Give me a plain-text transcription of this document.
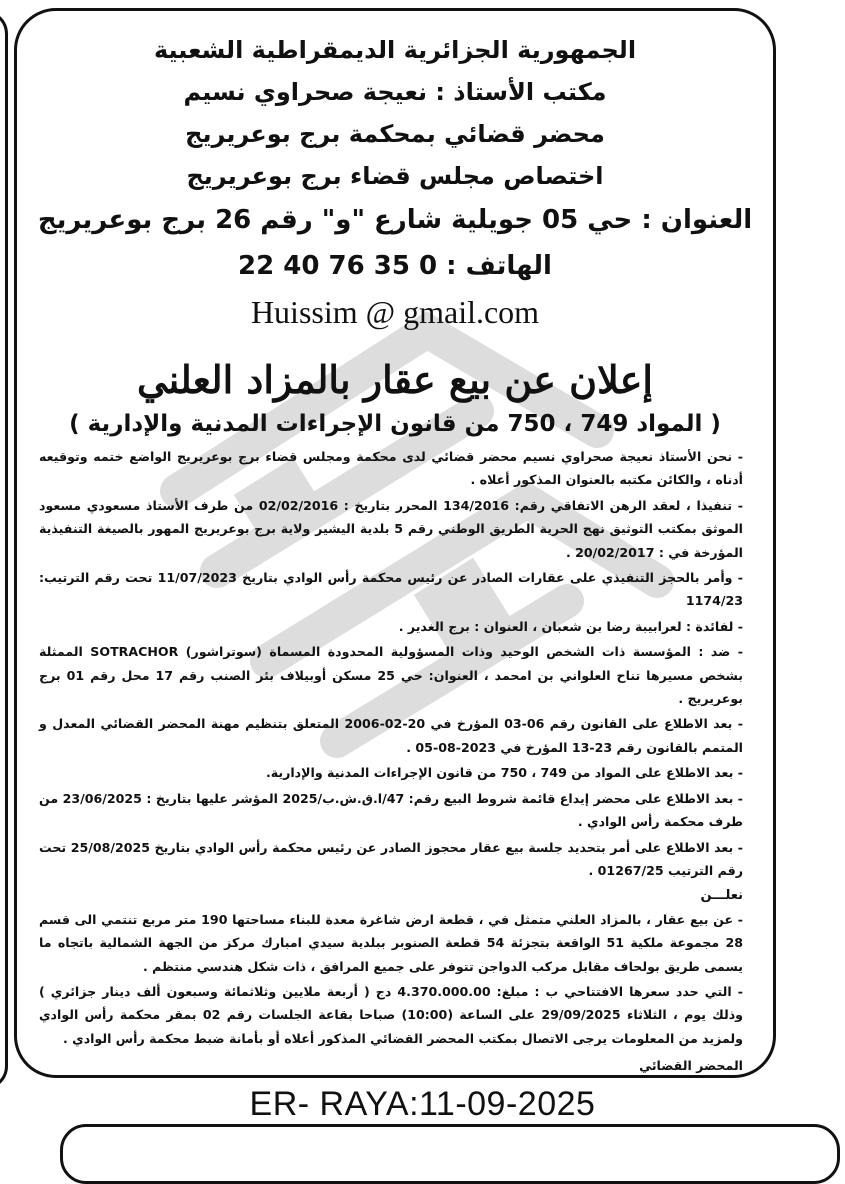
الجمهورية الجزائرية الديمقراطية الشعبية
مكتب الأستاذ : نعيجة صحراوي نسيم
محضر قضائي بمحكمة برج بوعريريج
اختصاص مجلس قضاء برج بوعريريج
العنوان : حي 05 جويلية شارع "و" رقم 26 برج بوعريريج
الهاتف : 0 35 76 40 22
Huissim @ gmail.com
إعلان عن بيع عقار بالمزاد العلني
( المواد 749 ، 750 من قانون الإجراءات المدنية والإدارية )

- نحن الأستاذ نعيجة صحراوي نسيم محضر قضائي لدى محكمة ومجلس قضاء برج بوعريريج الواضع ختمه وتوقيعه أدناه ، والكائن مكتبه بالعنوان المذكور أعلاه .

- تنفيذا ، لعقد الرهن الاتفاقي رقم: 134/2016 المحرر بتاريخ : 02/02/2016 من طرف الأستاذ مسعودي مسعود الموثق بمكتب التوثيق نهج الحرية الطريق الوطني رقم 5 بلدية اليشير ولاية برج بوعريريج المهور بالصيغة التنفيذية المؤرخة في : 20/02/2017 .

- وأمر بالحجز التنفيذي على عقارات الصادر عن رئيس محكمة رأس الوادي بتاريخ 11/07/2023 تحت رقم الترتيب: 1174/23

- لفائدة : لعرابيبة رضا بن شعبان ، العنوان : برج الغدير .

- ضد : المؤسسة ذات الشخص الوحيد وذات المسؤولية المحدودة المسماة (سوتراشور) SOTRACHOR الممثلة بشخص مسيرها تناح العلواني بن امحمد ، العنوان: حي 25 مسكن أوبيلاف بئر الصنب رقم 17 محل رقم 01 برج بوعريريج .

- بعد الاطلاع على القانون رقم 06-03 المؤرخ في 20-02-2006 المتعلق بتنظيم مهنة المحضر القضائي المعدل و المتمم بالقانون رقم 23-13 المؤرخ في 2023-08-05 .

- بعد الاطلاع على المواد من 749 ، 750 من قانون الإجراءات المدنية والإدارية.

- بعد الاطلاع على محضر إيداع قائمة شروط البيع رقم: 47/ا.ق.ش.ب/2025 المؤشر عليها بتاريخ : 23/06/2025 من طرف محكمة رأس الوادي .

- بعد الاطلاع على أمر بتحديد جلسة بيع عقار محجوز الصادر عن رئيس محكمة رأس الوادي بتاريخ 25/08/2025 تحت رقم الترتيب 01267/25 .

نعلـــن

- عن بيع عقار ، بالمزاد العلني متمثل في ، قطعة ارض شاغرة معدة للبناء مساحتها 190 متر مربع تنتمي الى قسم 28 مجموعة ملكية 51 الواقعة بتجزئة 54 قطعة الصنوبر ببلدية سيدي امبارك مركز من الجهة الشمالية باتجاه ما يسمى طريق بولحاف مقابل مركب الدواجن تتوفر على جميع المرافق ، ذات شكل هندسي منتظم .

- التي حدد سعرها الافتتاحي ب : مبلغ: 4.370.000.00 دج ( أربعة ملايين وثلاثمائة وسبعون ألف دينار جزائري ) وذلك يوم ، الثلاثاء 29/09/2025 على الساعة (10:00) صباحا بقاعة الجلسات رقم 02 بمقر محكمة رأس الوادي ولمزيد من المعلومات يرجى الاتصال بمكتب المحضر القضائي المذكور أعلاه أو بأمانة ضبط محكمة رأس الوادي .

المحضر القضائي
ER- RAYA:11-09-2025
